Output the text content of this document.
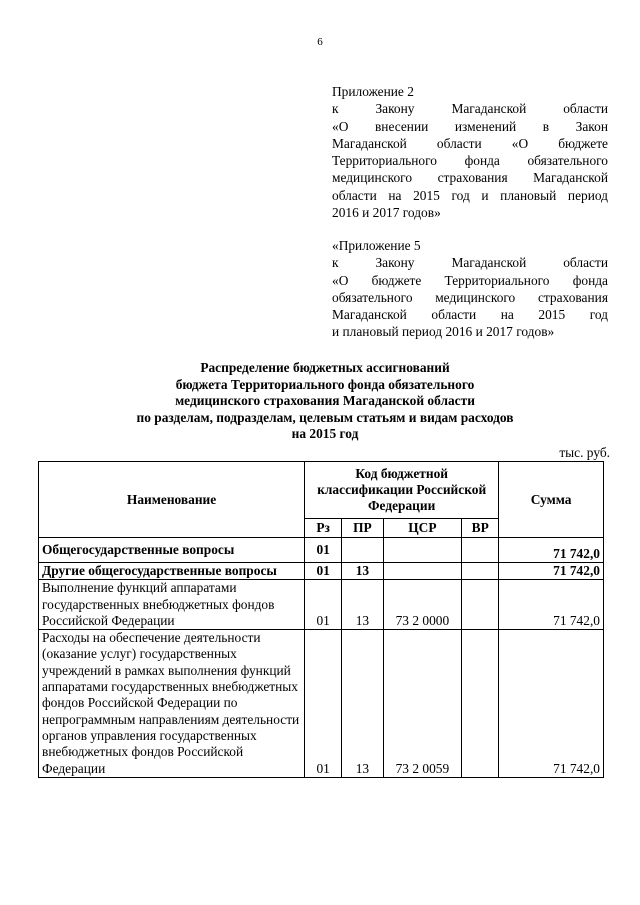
6
Приложение 2
к Закону Магаданской области
«О внесении изменений в Закон
Магаданской области «О бюджете
Территориального фонда обязательного
медицинского страхования Магаданской
области на 2015 год и плановый период
2016 и 2017 годов»
«Приложение 5
к Закону Магаданской области
«О бюджете Территориального фонда
обязательного медицинского страхования
Магаданской области на 2015 год
и плановый период 2016 и 2017 годов»
Распределение бюджетных ассигнований
бюджета Территориального фонда обязательного
медицинского страхования Магаданской области
по разделам, подразделам, целевым статьям и видам расходов
на 2015 год
тыс. руб.
Наименование	Код бюджетной классификации Российской Федерации				Сумма
	Рз	ПР	ЦСР	ВР	
Общегосударственные вопросы	01				71 742,0
Другие общегосударственные вопросы	01	13			71 742,0
Выполнение функций аппаратами государственных внебюджетных фондов Российской Федерации	01	13	73 2 0000		71 742,0
Расходы на обеспечение деятельности (оказание услуг) государственных учреждений в рамках выполнения функций аппаратами государственных внебюджетных фондов Российской Федерации по непрограммным направлениям деятельности органов управления государственных внебюджетных фондов Российской Федерации	01	13	73 2 0059		71 742,0
